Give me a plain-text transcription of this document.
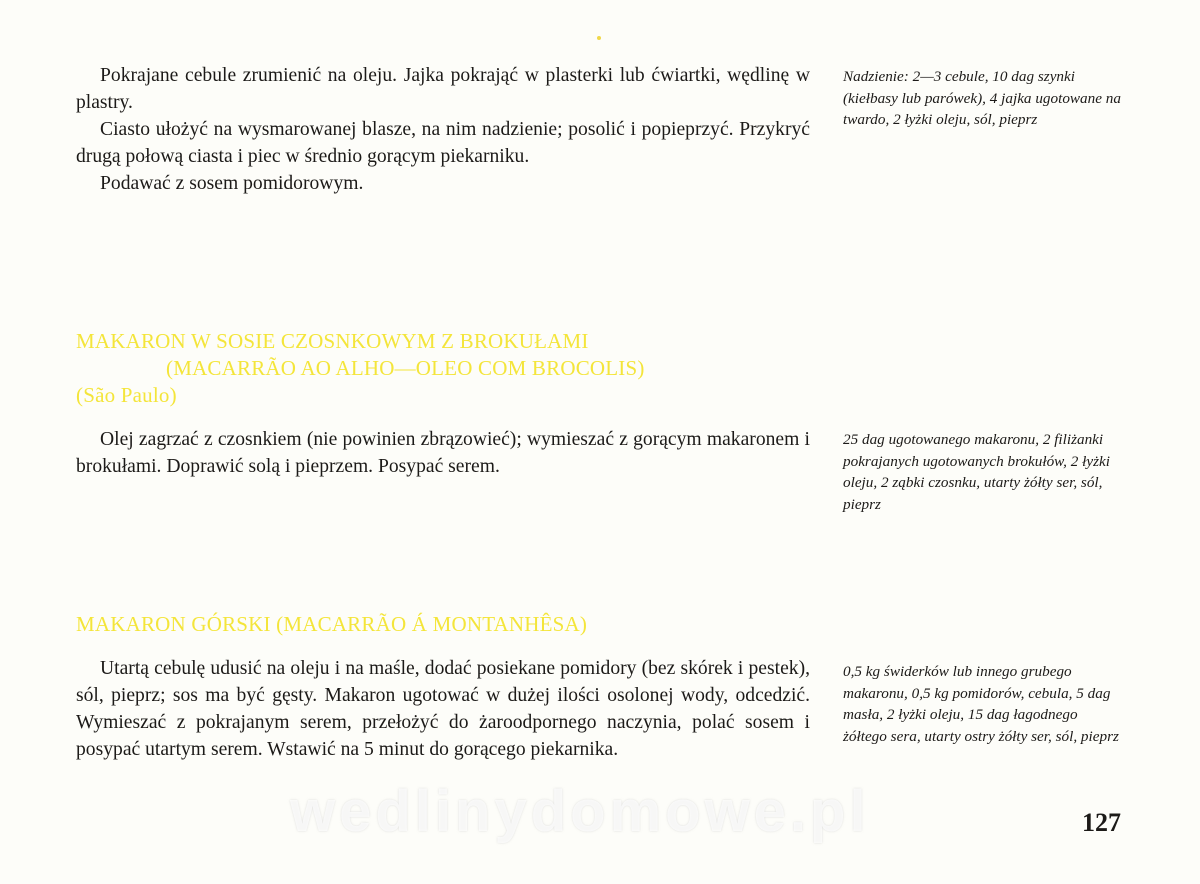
Pokrajane cebule zrumienić na oleju. Jajka pokrająć w plasterki lub ćwiartki, wędlinę w plastry.

Ciasto ułożyć na wysmarowanej blasze, na nim nadzienie; posolić i popieprzyć. Przykryć drugą połową ciasta i piec w średnio gorącym piekarniku.

Podawać z sosem pomidorowym.

Nadzienie: 2—3 cebule, 10 dag szynki (kiełbasy lub parówek), 4 jajka ugotowane na twardo, 2 łyżki oleju, sól, pieprz

MAKARON W SOSIE CZOSNKOWYM Z BROKUŁAMI
(MACARRÃO AO ALHO—OLEO COM BROCOLIS)
(São Paulo)

Olej zagrzać z czosnkiem (nie powinien zbrązowieć); wymieszać z gorącym makaronem i brokułami. Doprawić solą i pieprzem. Posypać serem.

25 dag ugotowanego makaronu, 2 filiżanki pokrajanych ugotowanych brokułów, 2 łyżki oleju, 2 ząbki czosnku, utarty żółty ser, sól, pieprz

MAKARON GÓRSKI (MACARRÃO Á MONTANHÊSA)

Utartą cebulę udusić na oleju i na maśle, dodać posiekane pomidory (bez skórek i pestek), sól, pieprz; sos ma być gęsty. Makaron ugotować w dużej ilości osolonej wody, odcedzić. Wymieszać z pokrajanym serem, przełożyć do żaroodpornego naczynia, polać sosem i posypać utartym serem. Wstawić na 5 minut do gorącego piekarnika.

0,5 kg świderków lub innego grubego makaronu, 0,5 kg pomidorów, cebula, 5 dag masła, 2 łyżki oleju, 15 dag łagodnego żółtego sera, utarty ostry żółty ser, sól, pieprz

wedlinydomowe.pl	127
